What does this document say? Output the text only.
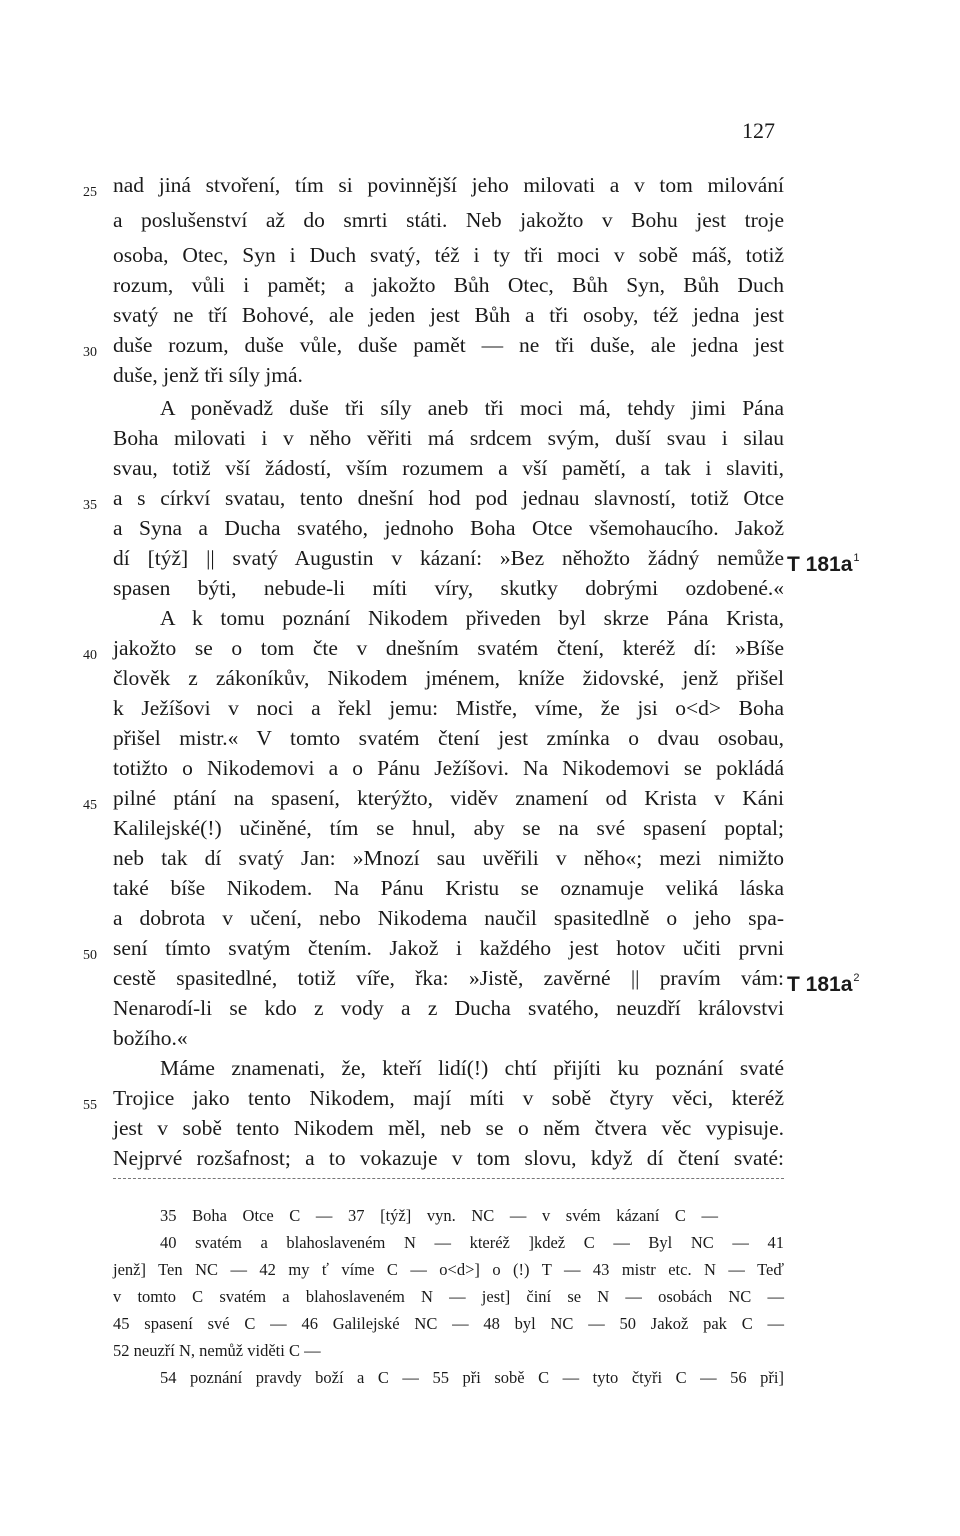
127
25 nad jiná stvoření, tím si povinnější jeho milovati a v tom milování
a poslušenství až do smrti státi. Neb jakožto v Bohu jest troje
osoba, Otec, Syn i Duch svatý, též i ty tři moci v sobě máš, totiž
rozum, vůli i pamět; a jakožto Bůh Otec, Bůh Syn, Bůh Duch
svatý ne tří Bohové, ale jeden jest Bůh a tři osoby, též jedna jest
30 duše rozum, duše vůle, duše pamět — ne tři duše, ale jedna jest
duše, jenž tři síly jmá.
A poněvadž duše tři síly aneb tři moci má, tehdy jimi Pána
Boha milovati i v něho věřiti má srdcem svým, duší svau i silau
svau, totiž vší žádostí, vším rozumem a vší pamětí, a tak i slaviti,
35 a s církví svatau, tento dnešní hod pod jednau slavností, totiž Otce
a Syna a Ducha svatého, jednoho Boha Otce všemohaucího. Jakož
dí [týž] || svatý Augustin v kázaní: »Bez něhožto žádný nemůže
spasen býti, nebude-li míti víry, skutky dobrými ozdobené.«
A k tomu poznání Nikodem přiveden byl skrze Pána Krista,
40 jakožto se o tom čte v dnešním svatém čtení, kteréž dí: »Bíše
člověk z zákoníkův, Nikodem jménem, kníže židovské, jenž přišel
k Ježíšovi v noci a řekl jemu: Mistře, víme, že jsi o<d> Boha
přišel mistr.« V tomto svatém čtení jest zmínka o dvau osobau,
totižto o Nikodemovi a o Pánu Ježíšovi. Na Nikodemovi se pokládá
45 pilné ptání na spasení, kterýžto, viděv znamení od Krista v Káni
Kalilejské(!) učiněné, tím se hnul, aby se na své spasení poptal;
neb tak dí svatý Jan: »Mnozí sau uvěřili v něho«; mezi nimižto
také bíše Nikodem. Na Pánu Kristu se oznamuje veliká láska
a dobrota v učení, nebo Nikodema naučil spasitedlně o jeho spa-
50 sení tímto svatým čtením. Jakož i každého jest hotov učiti prvni
cestě spasitedlné, totiž víře, řka: »Jistě, zavěrné || pravím vám:
Nenarodí-li se kdo z vody a z Ducha svatého, neuzdří královstvi
božího.«
Máme znamenati, že, kteří lidí(!) chtí přijíti ku poznání svaté
55 Trojice jako tento Nikodem, mají míti v sobě čtyry věci, kteréž
jest v sobě tento Nikodem měl, neb se o něm čtvera věc vypisuje.
Nejprvé rozšafnost; a to vokazuje v tom slovu, když dí čtení svaté:
T $181a^1$
T $181a^2$
35 Boha Otce C — 37 [týž] vyn. NC — v svém kázaní C —
40 svatém a blahoslaveném N — kteréž ]kdež C — Byl NC — 41
jenž] Ten NC — 42 my ť víme C — o<d>] o (!) T — 43 mistr etc. N — Teď
v tomto C svatém a blahoslaveném N — jest] činí se N — osobách NC —
45 spasení své C — 46 Galilejské NC — 48 byl NC — 50 Jakož pak C —
52 neuzří N, nemůž viděti C —
54 poznání pravdy boží a C — 55 při sobě C — tyto čtyři C — 56 při]
